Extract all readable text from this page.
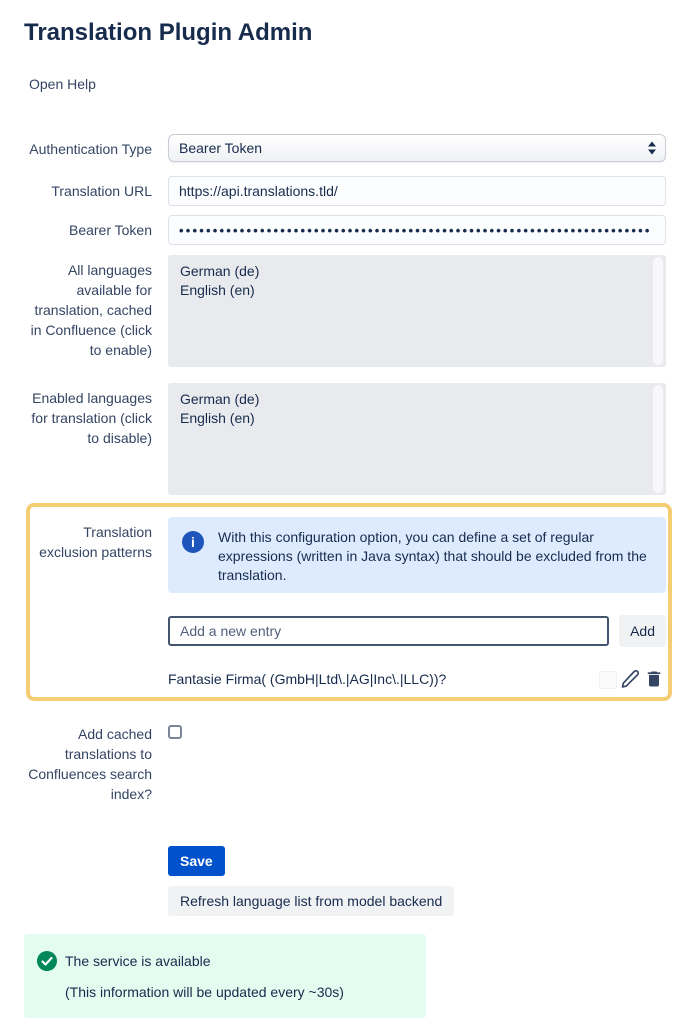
Translation Plugin Admin
Open Help
Authentication Type Bearer Token
Translation URL
https://api.translations.tld/
Bearer Token
••••••••••••••••••••••••••••••••••••••••••••••••••••••••••••••••••••••
All languages available for translation, cached in Confluence (click to enable)
German (de)
English (en)
Enabled languages for translation (click to disable)
German (de)
English (en)
Translation exclusion patterns
i	With this configuration option, you can define a set of regular expressions (written in Java syntax) that should be excluded from the translation.
Add a new entry
Add
Fantasie Firma( (GmbH|Ltd\.|AG|Inc\.|LLC))?
Add cached translations to Confluences search index?
Save
Refresh language list from model backend
The service is available
(This information will be updated every ~30s)
